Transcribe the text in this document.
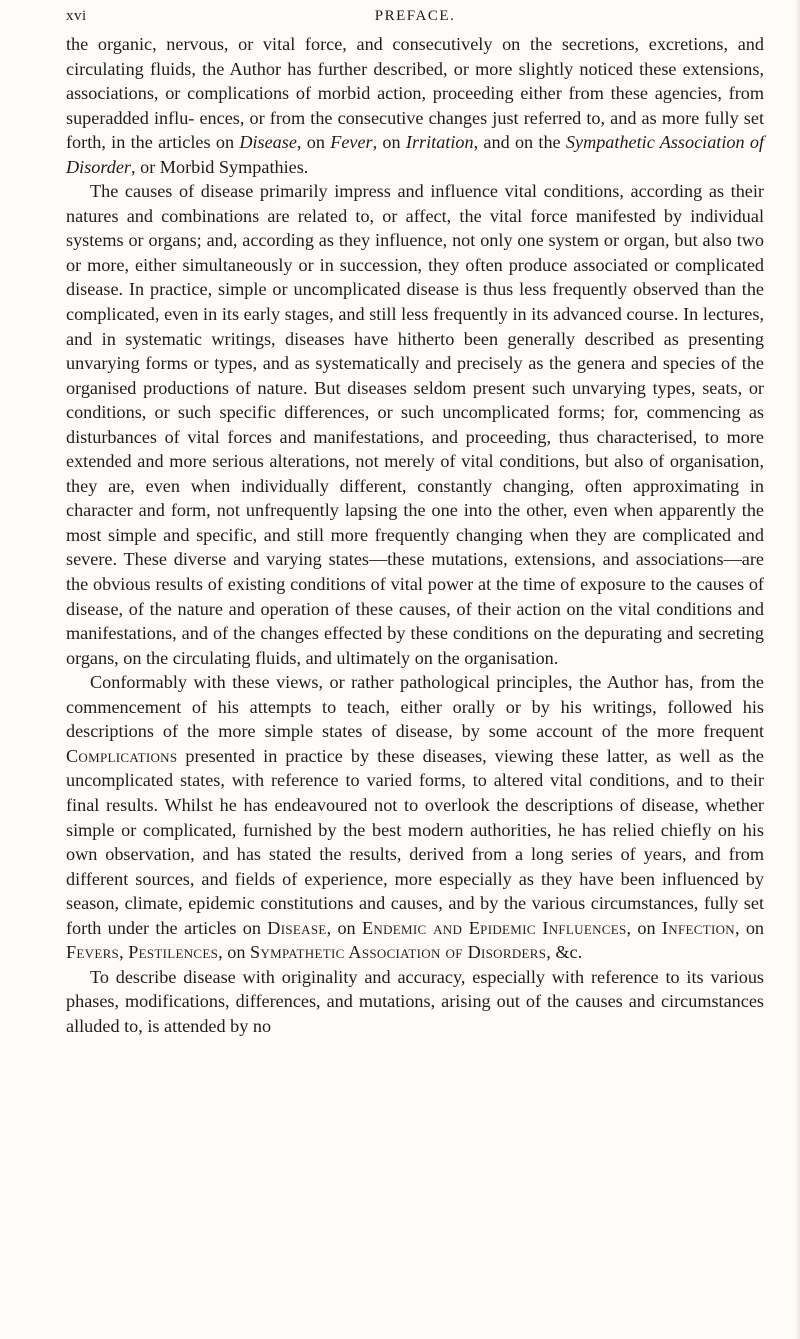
xvi	PREFACE.

the organic, nervous, or vital force, and consecutively on the secretions, excretions, and circulating fluids, the Author has further described, or more slightly noticed these extensions, associations, or complications of morbid action, proceeding either from these agencies, from superadded influ- ences, or from the consecutive changes just referred to, and as more fully set forth, in the articles on Disease, on Fever, on Irritation, and on the Sympathetic Association of Disorder, or Morbid Sympathies.

The causes of disease primarily impress and influence vital conditions, according as their natures and combinations are related to, or affect, the vital force manifested by individual systems or organs; and, according as they influence, not only one system or organ, but also two or more, either simultaneously or in succession, they often produce associated or complicated disease. In practice, simple or uncomplicated disease is thus less frequently observed than the complicated, even in its early stages, and still less frequently in its advanced course. In lectures, and in systematic writings, diseases have hitherto been generally described as presenting unvarying forms or types, and as systematically and precisely as the genera and species of the organised productions of nature. But diseases seldom present such unvarying types, seats, or conditions, or such specific differences, or such uncomplicated forms; for, commencing as disturbances of vital forces and manifestations, and proceeding, thus characterised, to more extended and more serious alterations, not merely of vital conditions, but also of organisation, they are, even when individually different, constantly changing, often approximating in character and form, not unfrequently lapsing the one into the other, even when apparently the most simple and specific, and still more frequently changing when they are complicated and severe. These diverse and varying states—these mutations, extensions, and associations—are the obvious results of existing conditions of vital power at the time of exposure to the causes of disease, of the nature and operation of these causes, of their action on the vital conditions and manifestations, and of the changes effected by these conditions on the depurating and secreting organs, on the circulating fluids, and ultimately on the organisation.

Conformably with these views, or rather pathological principles, the Author has, from the commencement of his attempts to teach, either orally or by his writings, followed his descriptions of the more simple states of disease, by some account of the more frequent Complications presented in practice by these diseases, viewing these latter, as well as the uncomplicated states, with reference to varied forms, to altered vital conditions, and to their final results. Whilst he has endeavoured not to overlook the descriptions of disease, whether simple or complicated, furnished by the best modern authorities, he has relied chiefly on his own observation, and has stated the results, derived from a long series of years, and from different sources, and fields of experience, more especially as they have been influenced by season, climate, epidemic constitutions and causes, and by the various circumstances, fully set forth under the articles on Disease, on Endemic and Epidemic Influences, on Infection, on Fevers, Pestilences, on Sympathetic Association of Disorders, &c.

To describe disease with originality and accuracy, especially with reference to its various phases, modifications, differences, and mutations, arising out of the causes and circumstances alluded to, is attended by no
